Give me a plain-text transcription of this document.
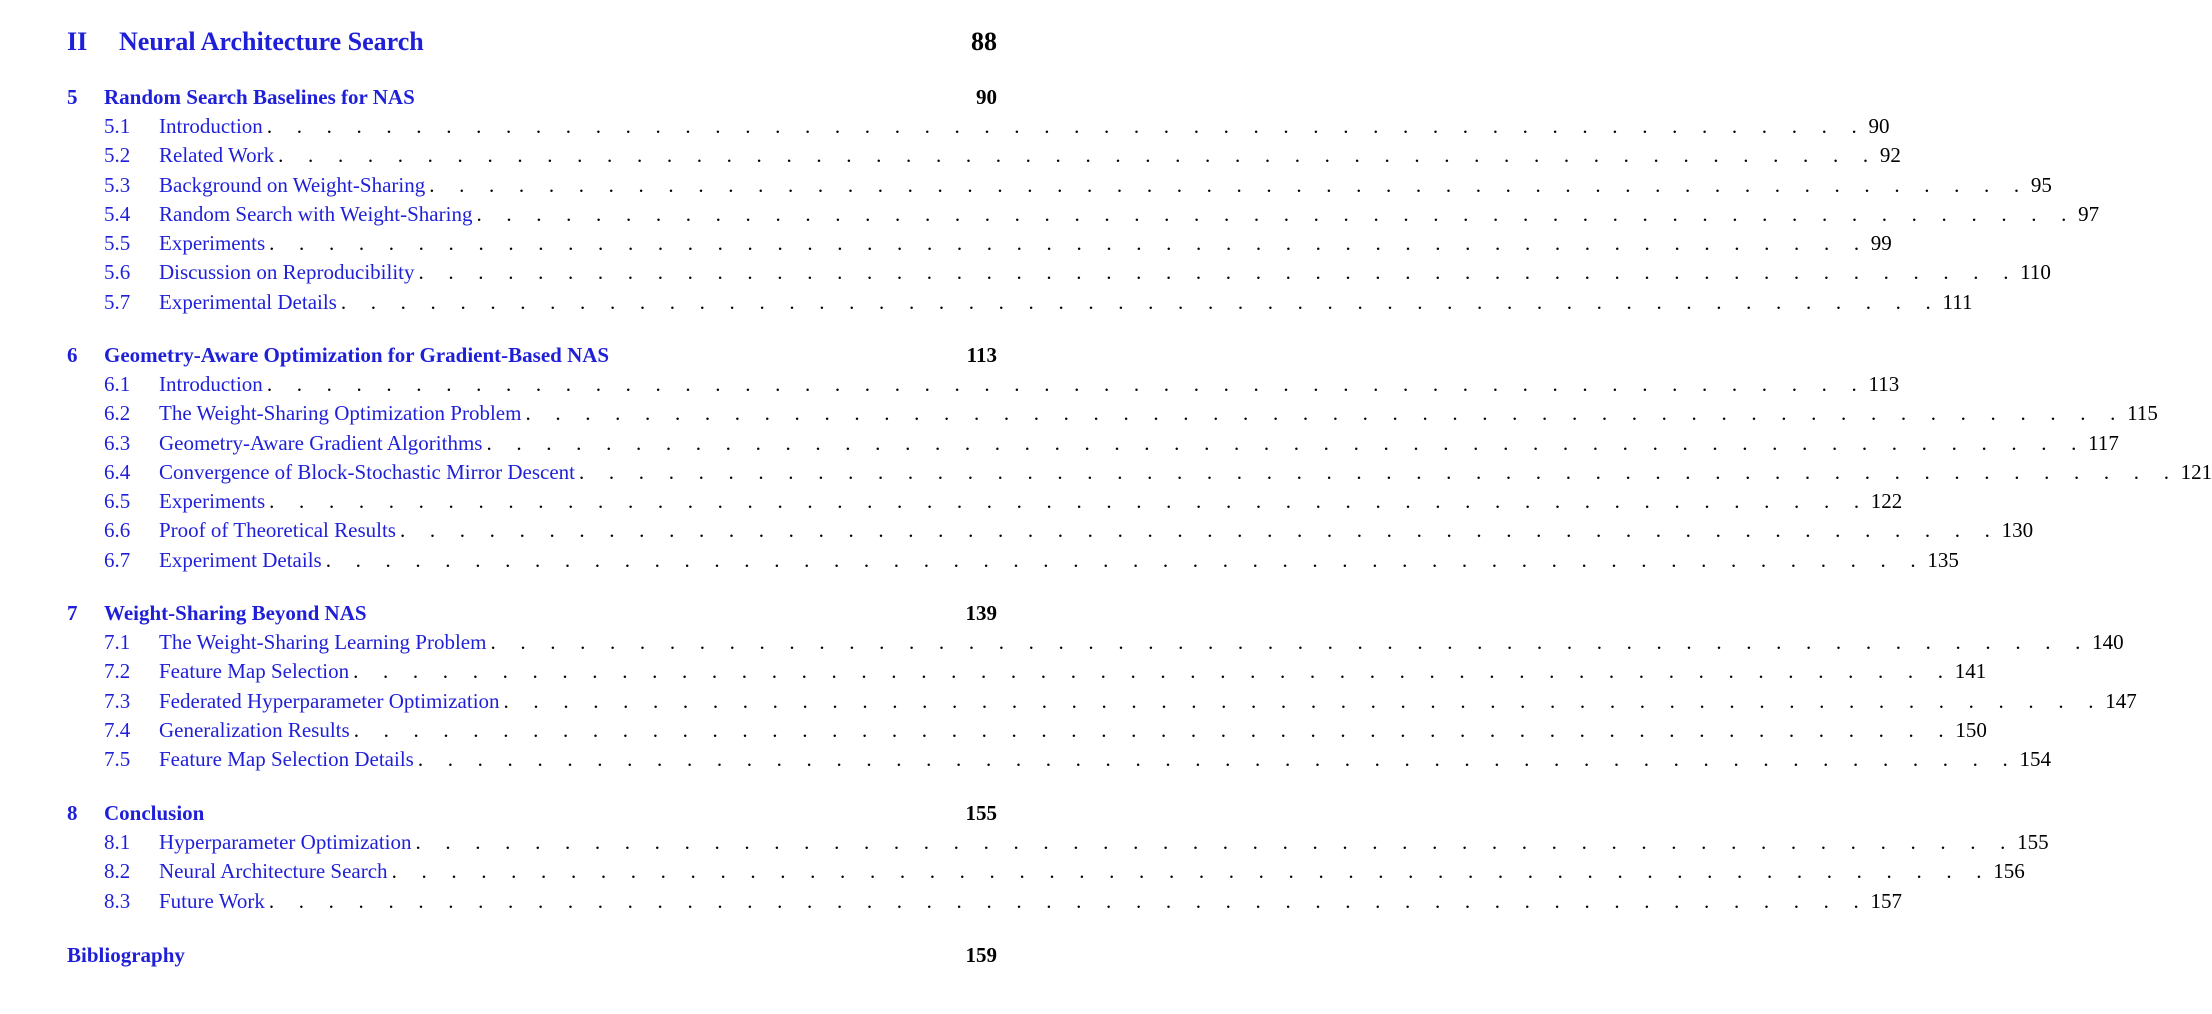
II Neural Architecture Search	88
5 Random Search Baselines for NAS	90
5.1 Introduction . . . . . . . . . . . . . . . . . . . . . . . . . . . . . . . . . . . . . . . . . . . . . . . . . . . . . . 90
5.2 Related Work . . . . . . . . . . . . . . . . . . . . . . . . . . . . . . . . . . . . . . . . . . . . . . . . . . . . . . 92
5.3 Background on Weight-Sharing . . . . . . . . . . . . . . . . . . . . . . . . . . . . . . . . . . . . . . . . . . . . . . . . . . . . . . 95
5.4 Random Search with Weight-Sharing . . . . . . . . . . . . . . . . . . . . . . . . . . . . . . . . . . . . . . . . . . . . . . . . . . . . . . 97
5.5 Experiments . . . . . . . . . . . . . . . . . . . . . . . . . . . . . . . . . . . . . . . . . . . . . . . . . . . . . . 99
5.6 Discussion on Reproducibility . . . . . . . . . . . . . . . . . . . . . . . . . . . . . . . . . . . . . . . . . . . . . . . . . . . . . . 110
5.7 Experimental Details . . . . . . . . . . . . . . . . . . . . . . . . . . . . . . . . . . . . . . . . . . . . . . . . . . . . . . 111
6 Geometry-Aware Optimization for Gradient-Based NAS	113
6.1 Introduction . . . . . . . . . . . . . . . . . . . . . . . . . . . . . . . . . . . . . . . . . . . . . . . . . . . . . . 113
6.2 The Weight-Sharing Optimization Problem . . . . . . . . . . . . . . . . . . . . . . . . . . . . . . . . . . . . . . . . . . . . . . . . . . . . . . 115
6.3 Geometry-Aware Gradient Algorithms . . . . . . . . . . . . . . . . . . . . . . . . . . . . . . . . . . . . . . . . . . . . . . . . . . . . . . 117
6.4 Convergence of Block-Stochastic Mirror Descent . . . . . . . . . . . . . . . . . . . . . . . . . . . . . . . . . . . . . . . . . . . . . . . . . . . . . . 121
6.5 Experiments . . . . . . . . . . . . . . . . . . . . . . . . . . . . . . . . . . . . . . . . . . . . . . . . . . . . . . 122
6.6 Proof of Theoretical Results . . . . . . . . . . . . . . . . . . . . . . . . . . . . . . . . . . . . . . . . . . . . . . . . . . . . . . 130
6.7 Experiment Details . . . . . . . . . . . . . . . . . . . . . . . . . . . . . . . . . . . . . . . . . . . . . . . . . . . . . . 135
7 Weight-Sharing Beyond NAS	139
7.1 The Weight-Sharing Learning Problem . . . . . . . . . . . . . . . . . . . . . . . . . . . . . . . . . . . . . . . . . . . . . . . . . . . . . . 140
7.2 Feature Map Selection . . . . . . . . . . . . . . . . . . . . . . . . . . . . . . . . . . . . . . . . . . . . . . . . . . . . . . 141
7.3 Federated Hyperparameter Optimization . . . . . . . . . . . . . . . . . . . . . . . . . . . . . . . . . . . . . . . . . . . . . . . . . . . . . . 147
7.4 Generalization Results . . . . . . . . . . . . . . . . . . . . . . . . . . . . . . . . . . . . . . . . . . . . . . . . . . . . . . 150
7.5 Feature Map Selection Details . . . . . . . . . . . . . . . . . . . . . . . . . . . . . . . . . . . . . . . . . . . . . . . . . . . . . . 154
8 Conclusion	155
8.1 Hyperparameter Optimization . . . . . . . . . . . . . . . . . . . . . . . . . . . . . . . . . . . . . . . . . . . . . . . . . . . . . . 155
8.2 Neural Architecture Search . . . . . . . . . . . . . . . . . . . . . . . . . . . . . . . . . . . . . . . . . . . . . . . . . . . . . . 156
8.3 Future Work . . . . . . . . . . . . . . . . . . . . . . . . . . . . . . . . . . . . . . . . . . . . . . . . . . . . . . 157
Bibliography	159
